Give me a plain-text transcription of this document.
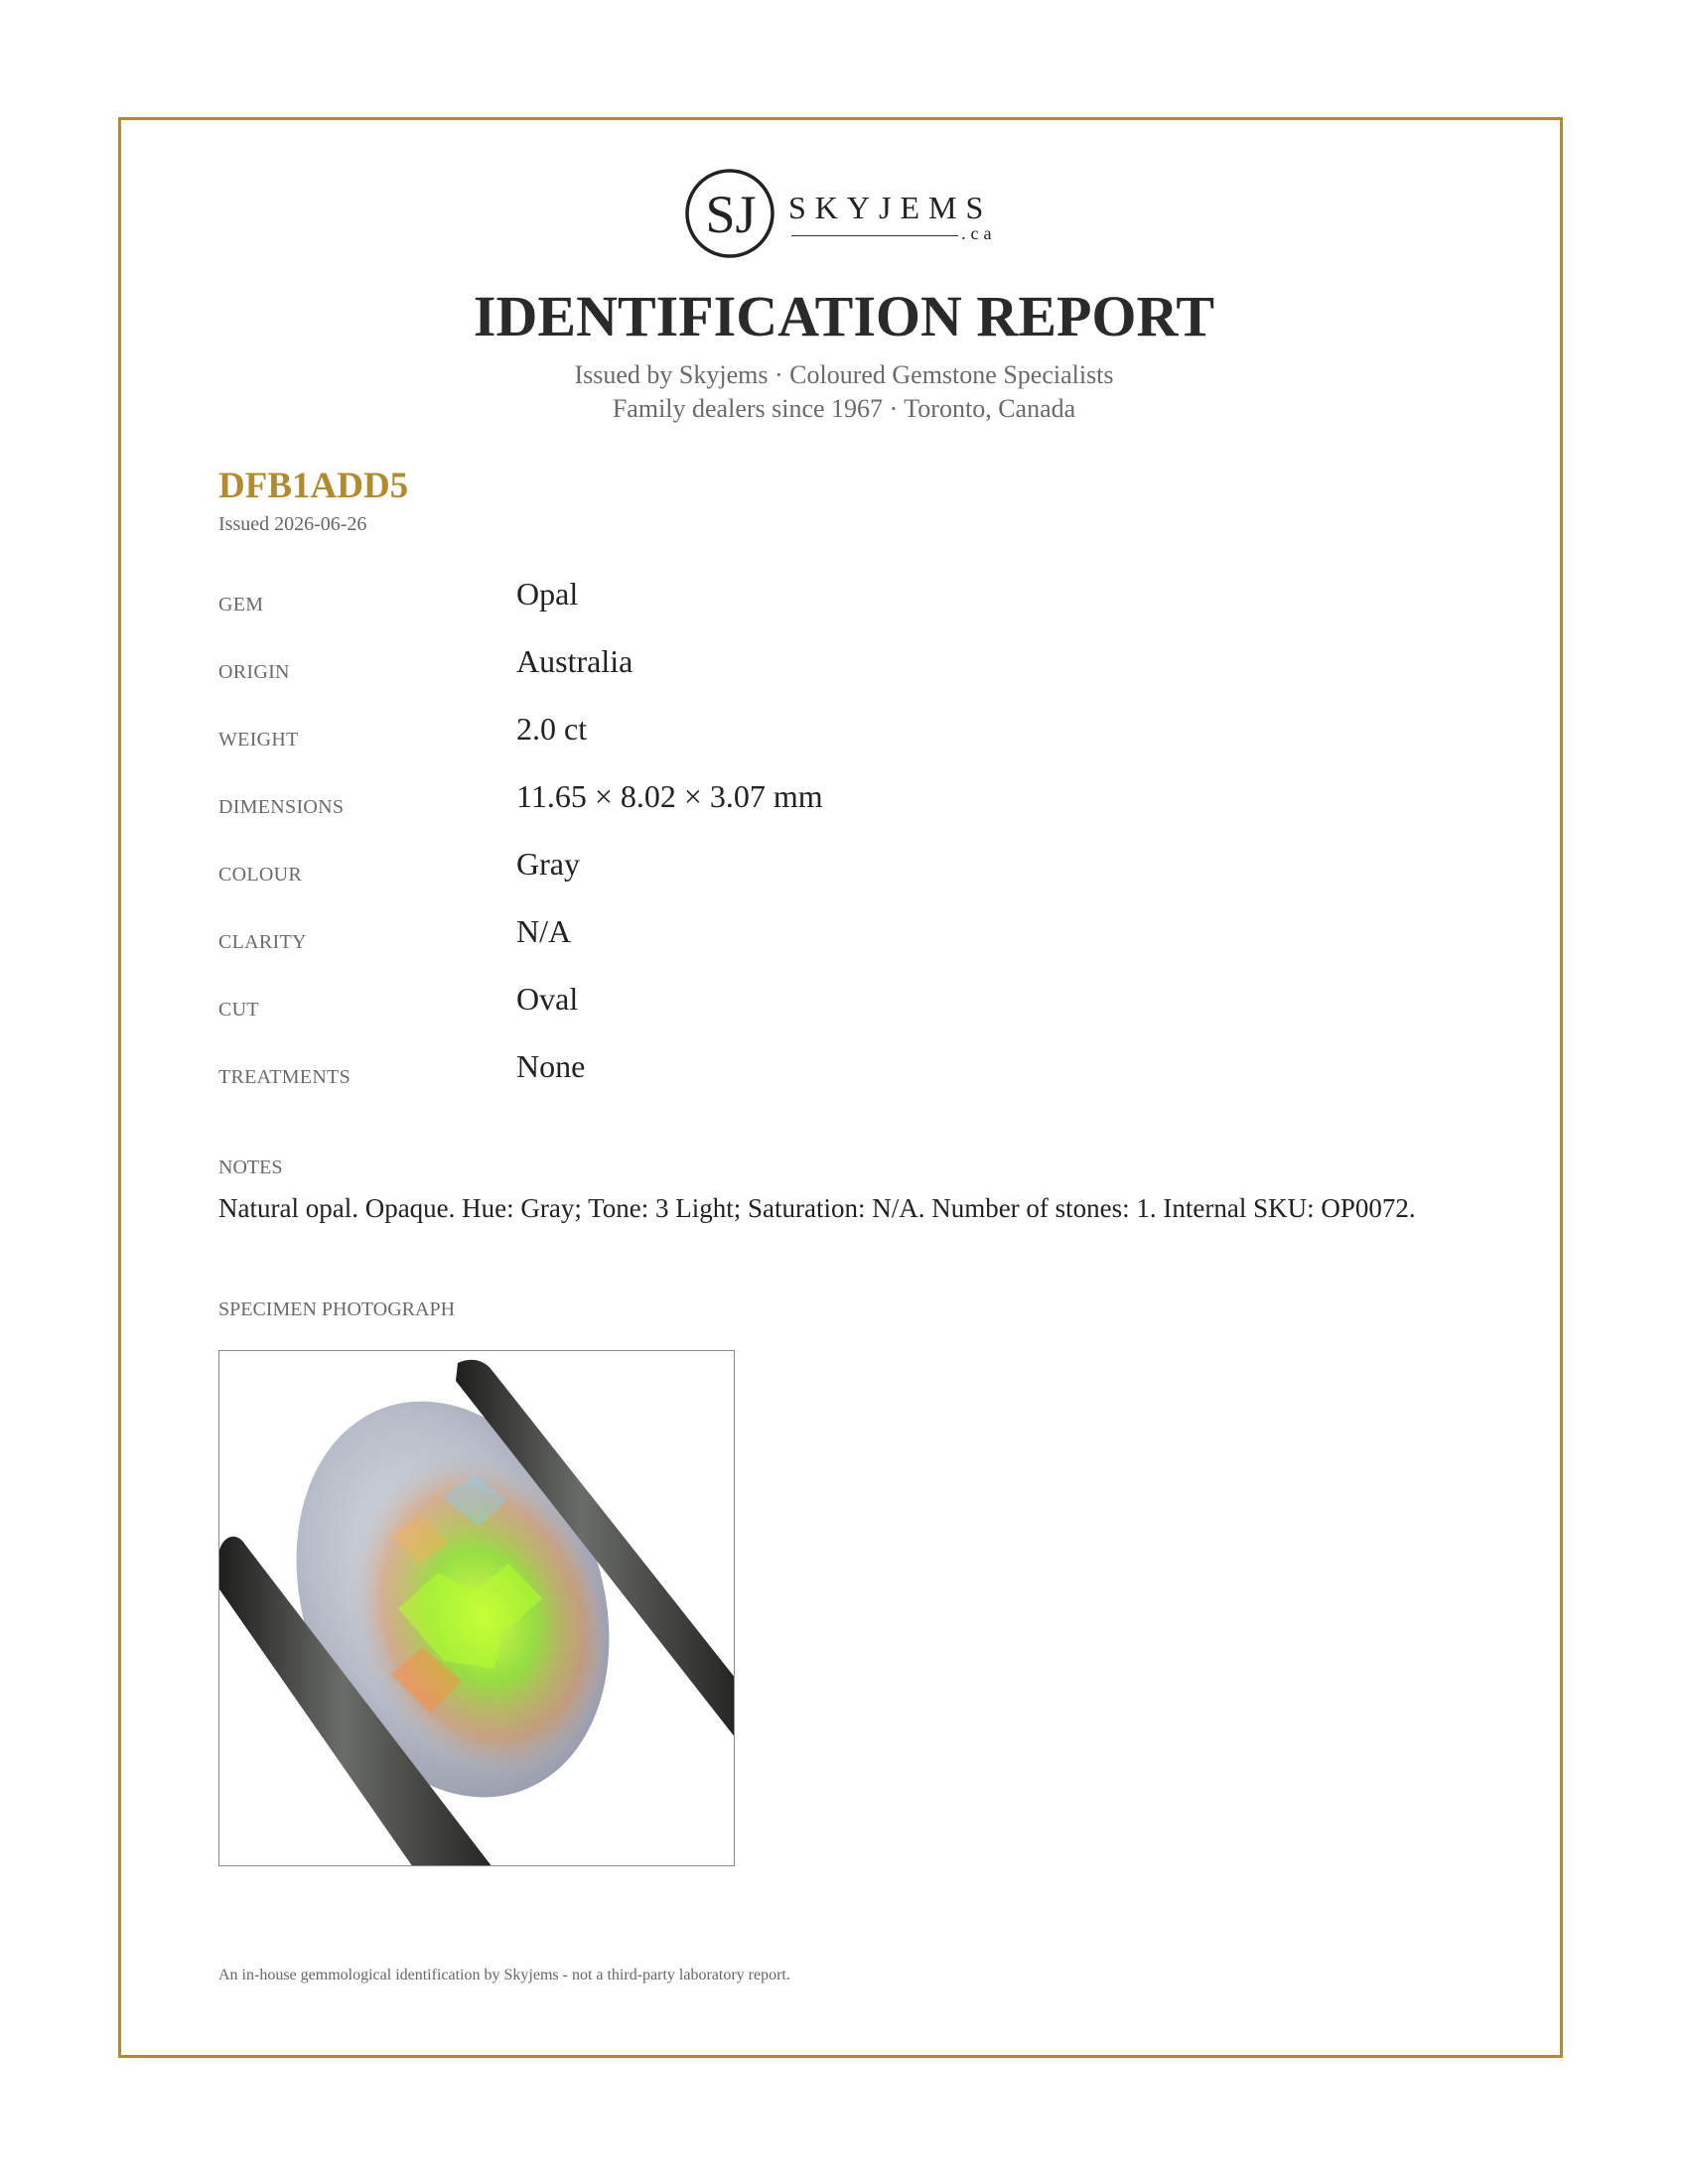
SJ SKYJEMS
.ca
IDENTIFICATION REPORT
Issued by Skyjems · Coloured Gemstone Specialists
Family dealers since 1967 · Toronto, Canada
DFB1ADD5
Issued 2026-06-26
GEM	Opal
ORIGIN	Australia
WEIGHT	2.0 ct
DIMENSIONS	11.65 × 8.02 × 3.07 mm
COLOUR	Gray
CLARITY	N/A
CUT	Oval
TREATMENTS	None
NOTES
Natural opal. Opaque. Hue: Gray; Tone: 3 Light; Saturation: N/A. Number of stones: 1. Internal SKU: OP0072.
SPECIMEN PHOTOGRAPH
An in-house gemmological identification by Skyjems - not a third-party laboratory report.
